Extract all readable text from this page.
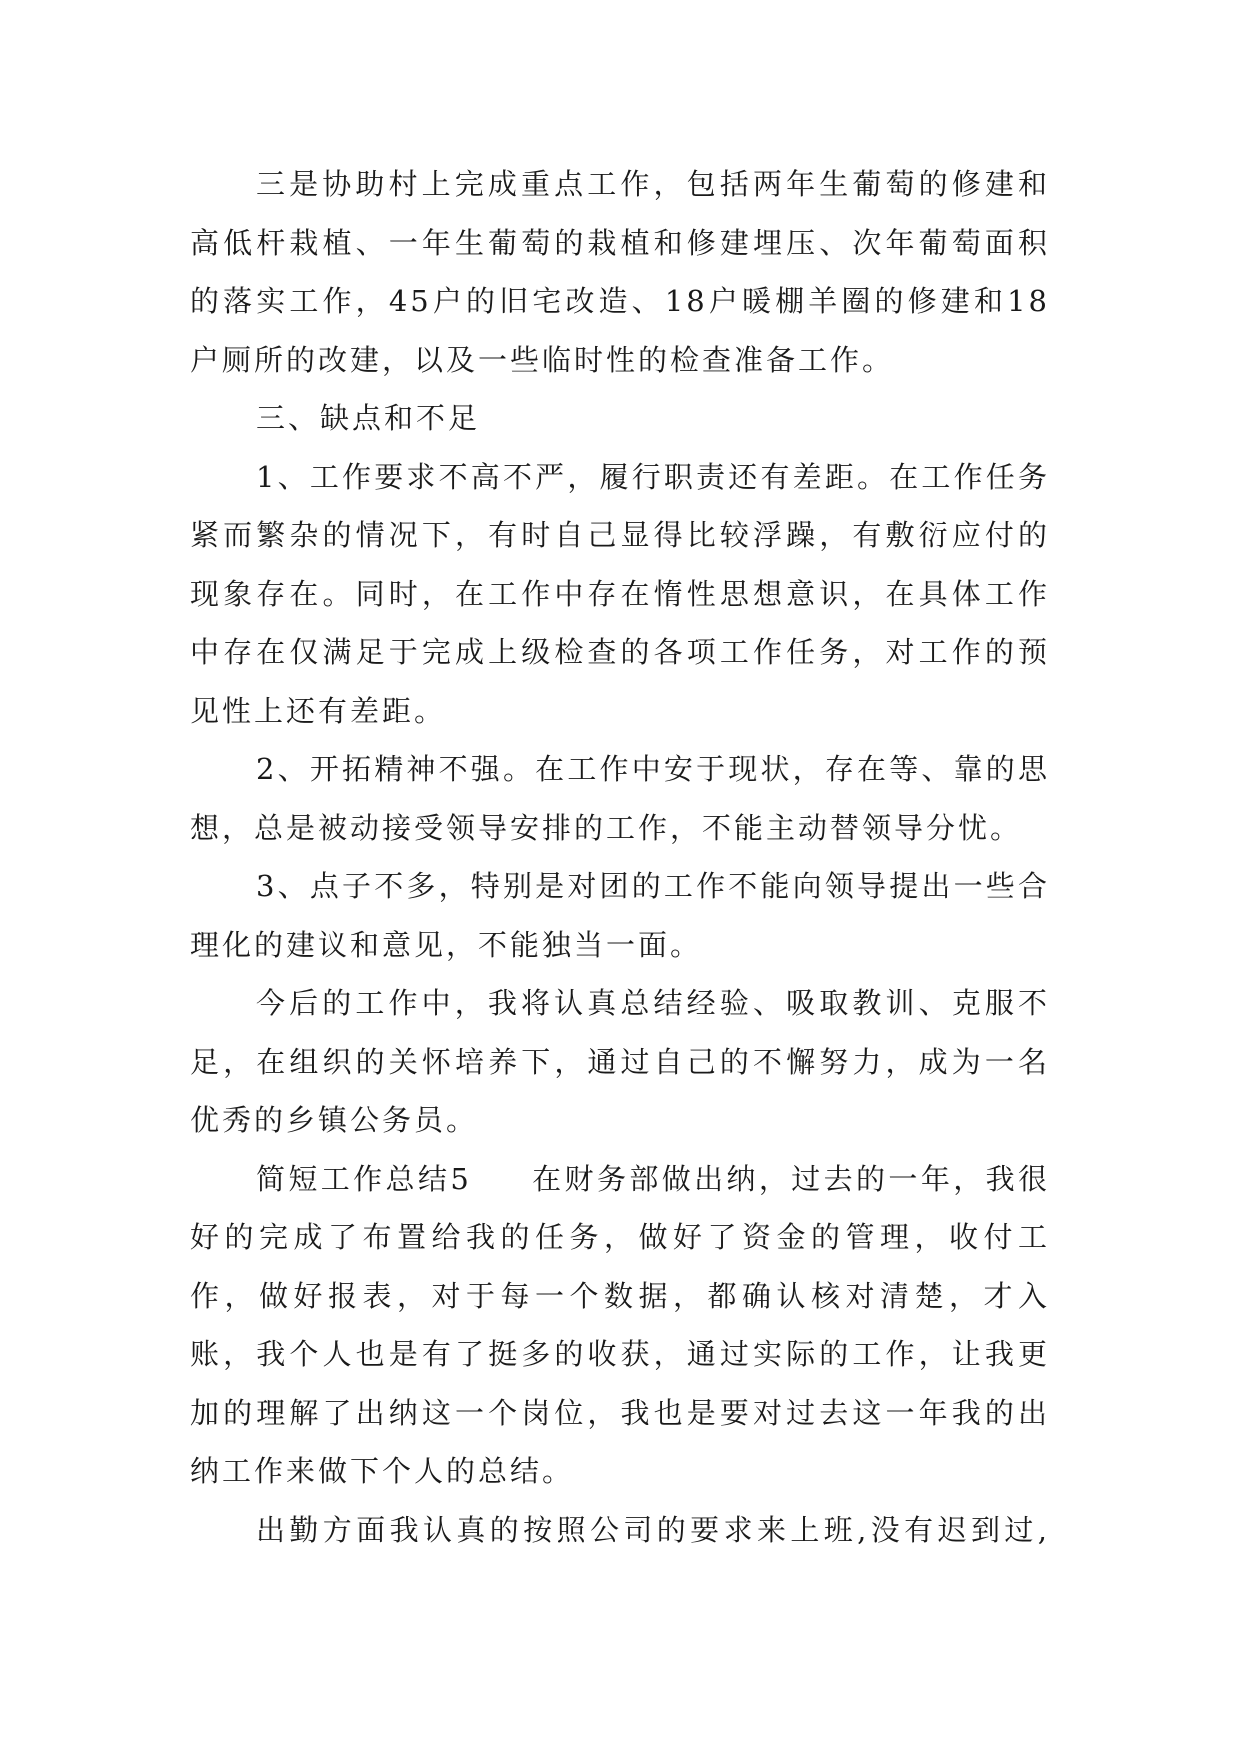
三是协助村上完成重点工作，包括两年生葡萄的修建和高低杆栽植、一年生葡萄的栽植和修建埋压、次年葡萄面积的落实工作，45户的旧宅改造、18户暖棚羊圈的修建和18户厕所的改建，以及一些临时性的检查准备工作。

三、缺点和不足

1、工作要求不高不严，履行职责还有差距。在工作任务紧而繁杂的情况下，有时自己显得比较浮躁，有敷衍应付的现象存在。同时，在工作中存在惰性思想意识，在具体工作中存在仅满足于完成上级检查的各项工作任务，对工作的预见性上还有差距。

2、开拓精神不强。在工作中安于现状，存在等、靠的思想，总是被动接受领导安排的工作，不能主动替领导分忧。

3、点子不多，特别是对团的工作不能向领导提出一些合理化的建议和意见，不能独当一面。

今后的工作中，我将认真总结经验、吸取教训、克服不足，在组织的关怀培养下，通过自己的不懈努力，成为一名优秀的乡镇公务员。

简短工作总结5 在财务部做出纳，过去的一年，我很好的完成了布置给我的任务，做好了资金的管理，收付工作，做好报表，对于每一个数据，都确认核对清楚，才入账，我个人也是有了挺多的收获，通过实际的工作，让我更加的理解了出纳这一个岗位，我也是要对过去这一年我的出纳工作来做下个人的总结。

出勤方面我认真的按照公司的要求来上班,没有迟到过,
